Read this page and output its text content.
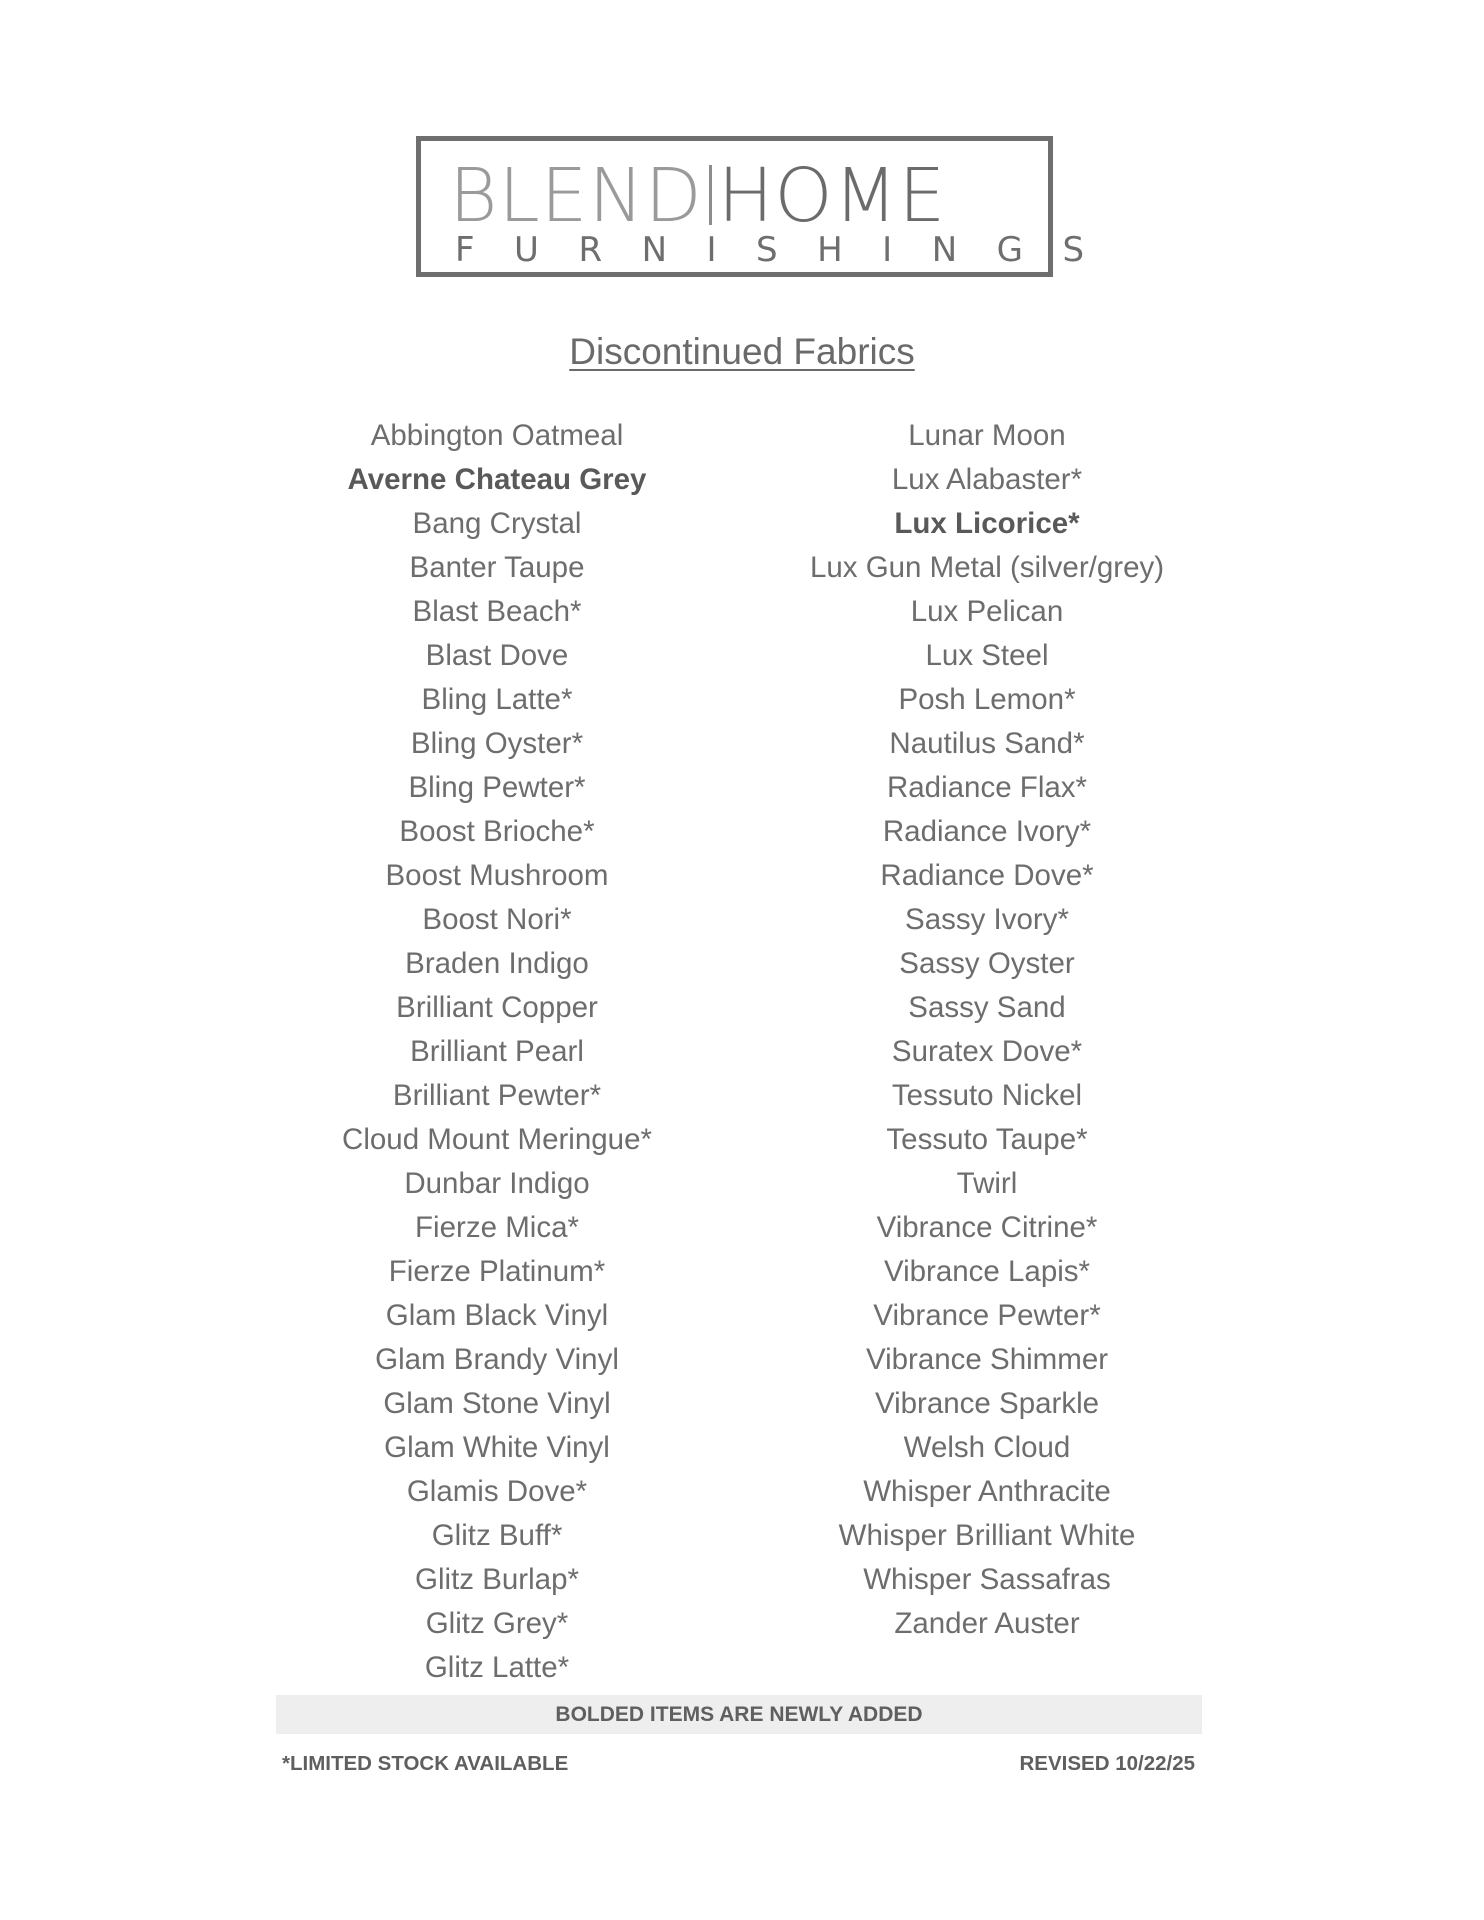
BLEND HOME
FURNISHINGS
Discontinued Fabrics
Abbington Oatmeal
Averne Chateau Grey
Bang Crystal
Banter Taupe
Blast Beach*
Blast Dove
Bling Latte*
Bling Oyster*
Bling Pewter*
Boost Brioche*
Boost Mushroom
Boost Nori*
Braden Indigo
Brilliant Copper
Brilliant Pearl
Brilliant Pewter*
Cloud Mount Meringue*
Dunbar Indigo
Fierze Mica*
Fierze Platinum*
Glam Black Vinyl
Glam Brandy Vinyl
Glam Stone Vinyl
Glam White Vinyl
Glamis Dove*
Glitz Buff*
Glitz Burlap*
Glitz Grey*
Glitz Latte*
Lunar Moon
Lux Alabaster*
Lux Licorice*
Lux Gun Metal (silver/grey)
Lux Pelican
Lux Steel
Posh Lemon*
Nautilus Sand*
Radiance Flax*
Radiance Ivory*
Radiance Dove*
Sassy Ivory*
Sassy Oyster
Sassy Sand
Suratex Dove*
Tessuto Nickel
Tessuto Taupe*
Twirl
Vibrance Citrine*
Vibrance Lapis*
Vibrance Pewter*
Vibrance Shimmer
Vibrance Sparkle
Welsh Cloud
Whisper Anthracite
Whisper Brilliant White
Whisper Sassafras
Zander Auster
BOLDED ITEMS ARE NEWLY ADDED
*LIMITED STOCK AVAILABLE	REVISED 10/22/25
